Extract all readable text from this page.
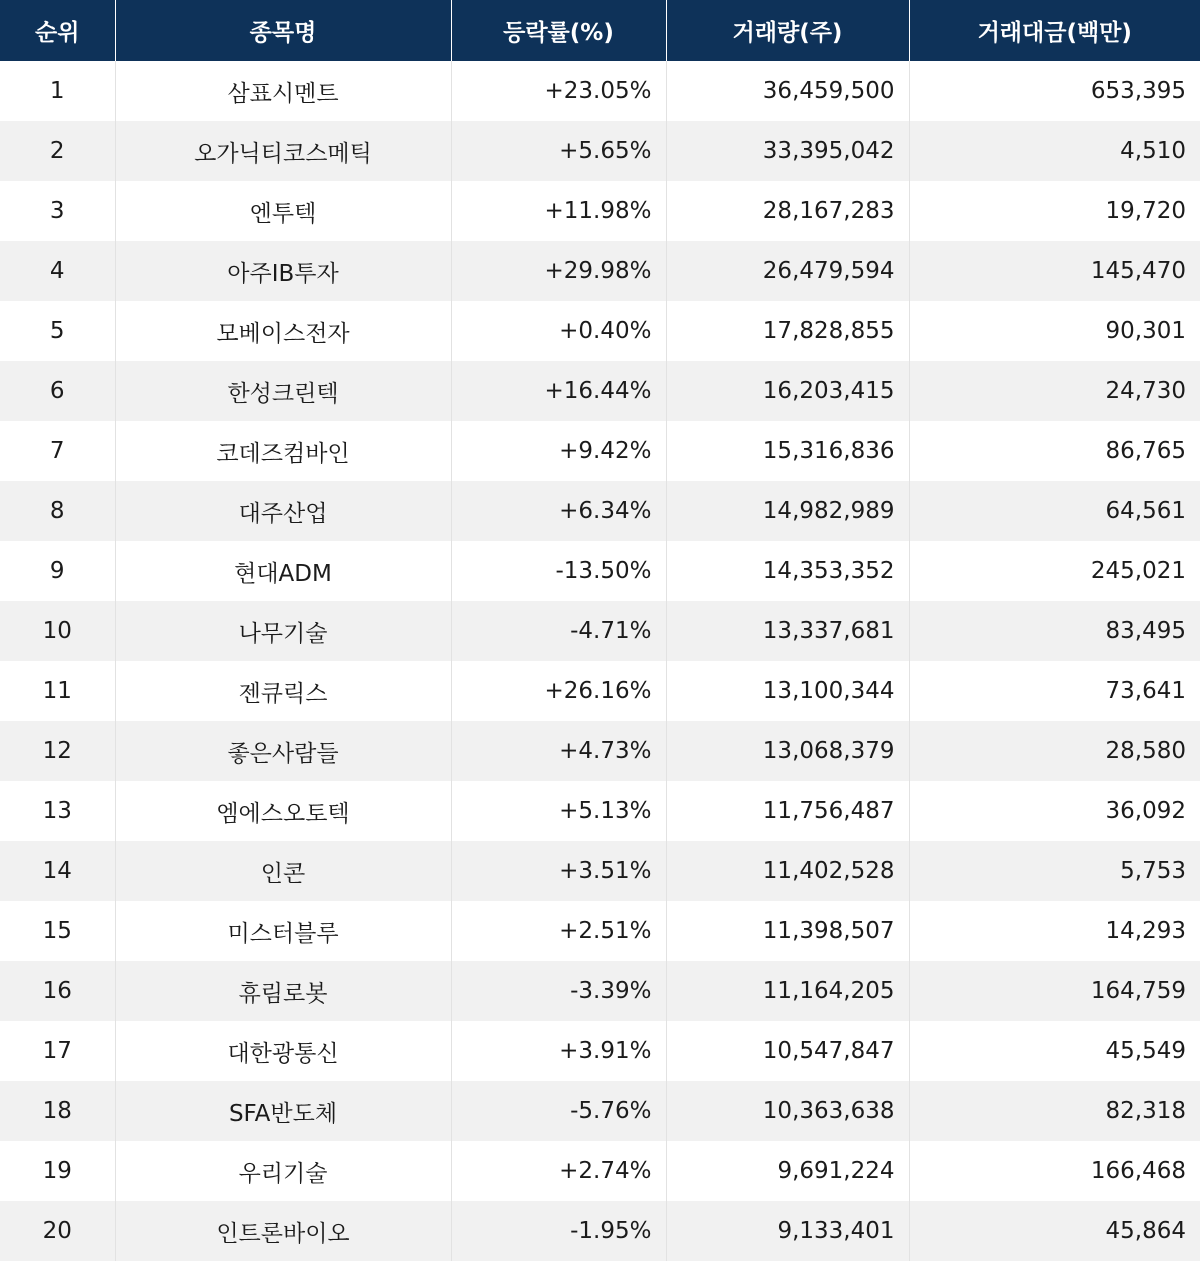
순위	종목명	등락률(%)	거래량(주)	거래대금(백만)
1	삼표시멘트	+23.05%	36,459,500	653,395
2	오가닉티코스메틱	+5.65%	33,395,042	4,510
3	엔투텍	+11.98%	28,167,283	19,720
4	아주IB투자	+29.98%	26,479,594	145,470
5	모베이스전자	+0.40%	17,828,855	90,301
6	한성크린텍	+16.44%	16,203,415	24,730
7	코데즈컴바인	+9.42%	15,316,836	86,765
8	대주산업	+6.34%	14,982,989	64,561
9	현대ADM	-13.50%	14,353,352	245,021
10	나무기술	-4.71%	13,337,681	83,495
11	젠큐릭스	+26.16%	13,100,344	73,641
12	좋은사람들	+4.73%	13,068,379	28,580
13	엠에스오토텍	+5.13%	11,756,487	36,092
14	인콘	+3.51%	11,402,528	5,753
15	미스터블루	+2.51%	11,398,507	14,293
16	휴림로봇	-3.39%	11,164,205	164,759
17	대한광통신	+3.91%	10,547,847	45,549
18	SFA반도체	-5.76%	10,363,638	82,318
19	우리기술	+2.74%	9,691,224	166,468
20	인트론바이오	-1.95%	9,133,401	45,864
